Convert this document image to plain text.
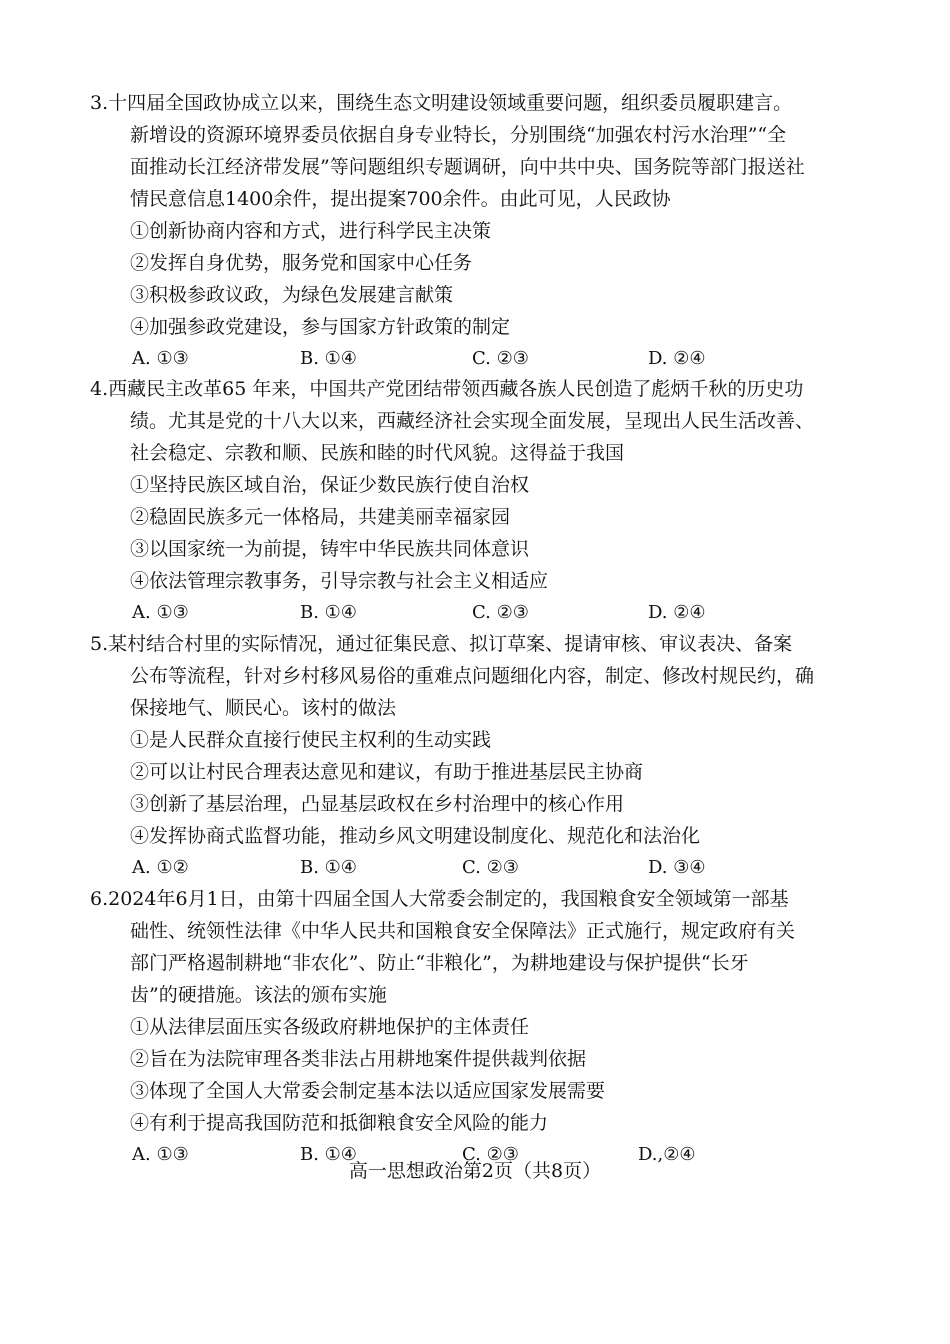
3.十四届全国政协成立以来，围绕生态文明建设领域重要问题，组织委员履职建言。
新增设的资源环境界委员依据自身专业特长，分别围绕“加强农村污水治理”“全
面推动长江经济带发展”等问题组织专题调研，向中共中央、国务院等部门报送社
情民意信息1400余件，提出提案700余件。由此可见，人民政协

①创新协商内容和方式，进行科学民主决策

②发挥自身优势，服务党和国家中心任务

③积极参政议政，为绿色发展建言献策

④加强参政党建设，参与国家方针政策的制定

A. ①③	B. ①④	C. ②③	D. ②④

4.西藏民主改革65 年来，中国共产党团结带领西藏各族人民创造了彪炳千秋的历史功
绩。尤其是党的十八大以来，西藏经济社会实现全面发展，呈现出人民生活改善、
社会稳定、宗教和顺、民族和睦的时代风貌。这得益于我国

①坚持民族区域自治，保证少数民族行使自治权

②稳固民族多元一体格局，共建美丽幸福家园

③以国家统一为前提，铸牢中华民族共同体意识

④依法管理宗教事务，引导宗教与社会主义相适应

A. ①③	B. ①④	C. ②③	D. ②④

5.某村结合村里的实际情况，通过征集民意、拟订草案、提请审核、审议表决、备案
公布等流程，针对乡村移风易俗的重难点问题细化内容，制定、修改村规民约，确
保接地气、顺民心。该村的做法

①是人民群众直接行使民主权利的生动实践

②可以让村民合理表达意见和建议，有助于推进基层民主协商

③创新了基层治理，凸显基层政权在乡村治理中的核心作用

④发挥协商式监督功能，推动乡风文明建设制度化、规范化和法治化

A. ①②	B. ①④	C. ②③	D. ③④

6.2024年6月1日，由第十四届全国人大常委会制定的，我国粮食安全领域第一部基
础性、统领性法律《中华人民共和国粮食安全保障法》正式施行，规定政府有关
部门严格遏制耕地“非农化”、防止“非粮化”，为耕地建设与保护提供“长牙
齿”的硬措施。该法的颁布实施

①从法律层面压实各级政府耕地保护的主体责任

②旨在为法院审理各类非法占用耕地案件提供裁判依据

③体现了全国人大常委会制定基本法以适应国家发展需要

④有利于提高我国防范和抵御粮食安全风险的能力

A. ①③	B. ①④	C. ②③	D.,②④
高一思想政治第2页（共8页）
